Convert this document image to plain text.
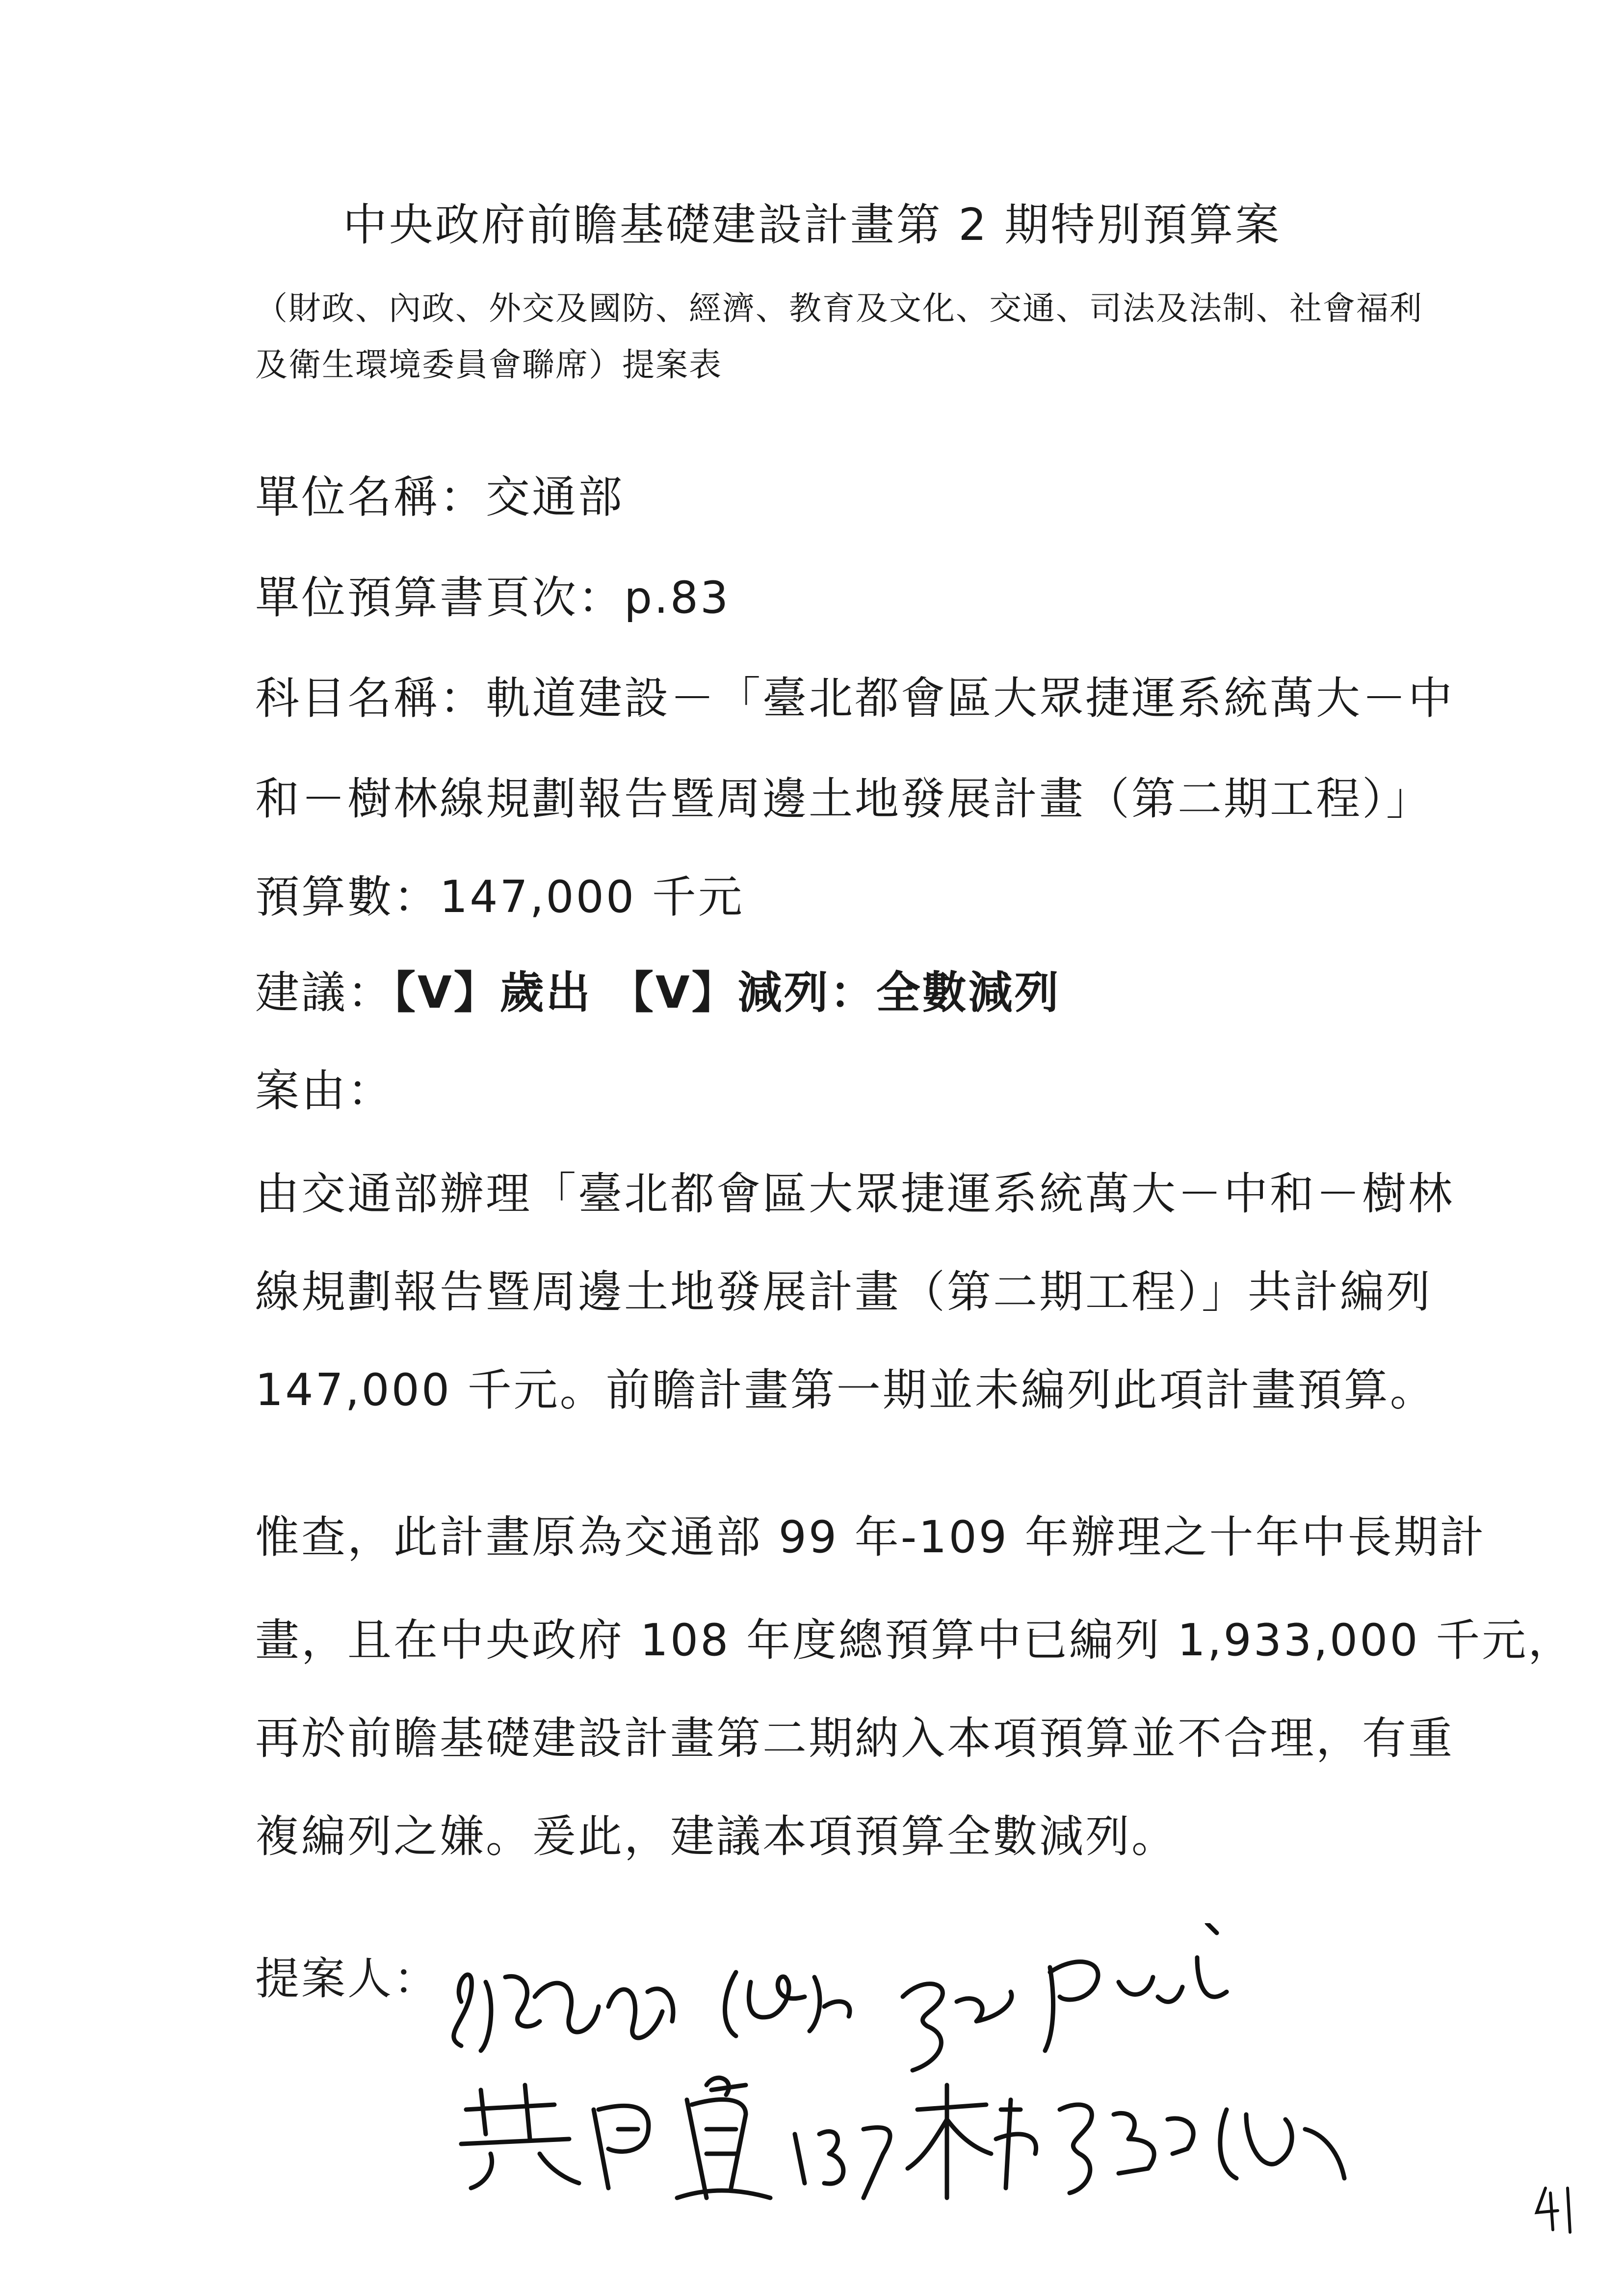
中央政府前瞻基礎建設計畫第 2 期特別預算案
（財政、內政、外交及國防、經濟、教育及文化、交通、司法及法制、社會福利
及衛生環境委員會聯席）提案表
單位名稱：交通部
單位預算書頁次：p.83
科目名稱：軌道建設－「臺北都會區大眾捷運系統萬大－中
和－樹林線規劃報告暨周邊土地發展計畫（第二期工程）」
預算數：147,000 千元
建議：【V】歲出 【V】減列：全數減列
案由：
由交通部辦理「臺北都會區大眾捷運系統萬大－中和－樹林
線規劃報告暨周邊土地發展計畫（第二期工程）」共計編列
147,000 千元。前瞻計畫第一期並未編列此項計畫預算。
惟查，此計畫原為交通部 99 年-109 年辦理之十年中長期計
畫，且在中央政府 108 年度總預算中已編列 1,933,000 千元，
再於前瞻基礎建設計畫第二期納入本項預算並不合理，有重
複編列之嫌。爰此，建議本項預算全數減列。
提案人：
